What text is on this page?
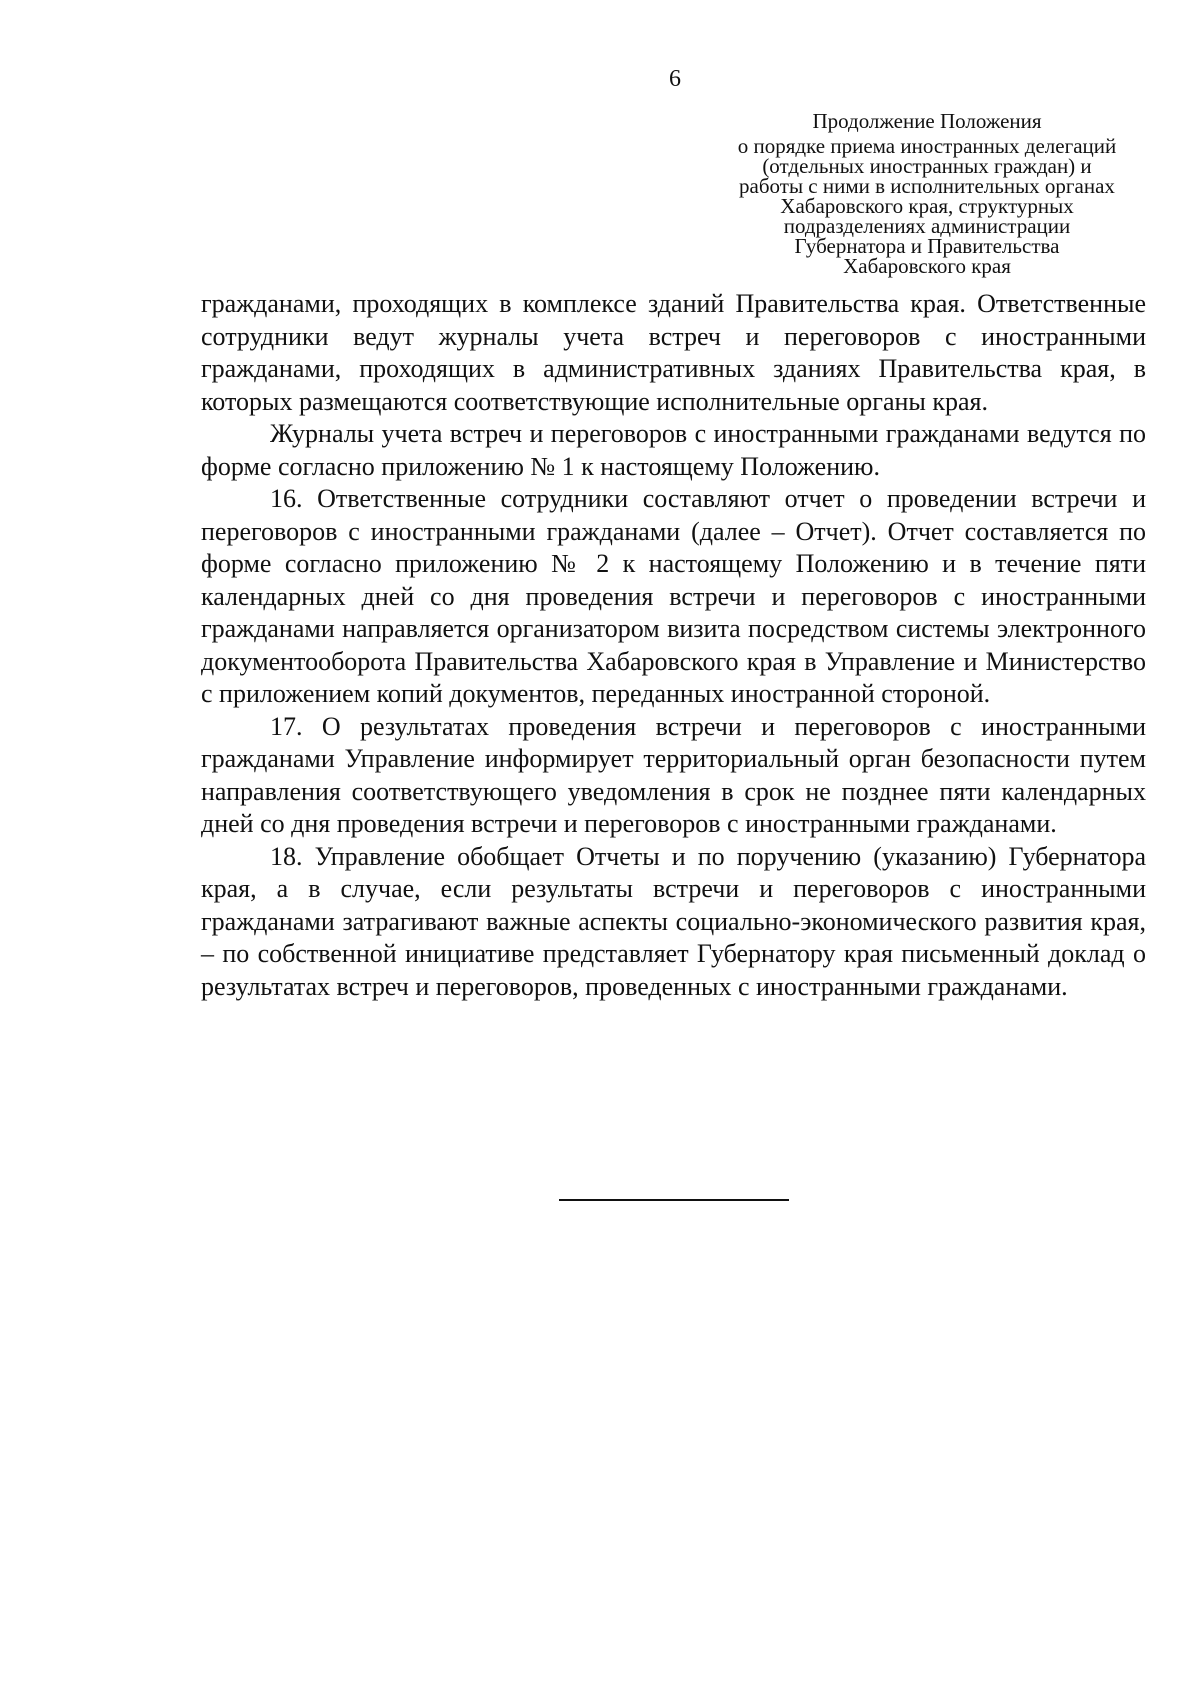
6
Продолжение Положения
о порядке приема иностранных делегаций
(отдельных иностранных граждан) и
работы с ними в исполнительных органах
Хабаровского края, структурных
подразделениях администрации
Губернатора и Правительства
Хабаровского края

гражданами, проходящих в комплексе зданий Правительства края. Ответственные сотрудники ведут журналы учета встреч и переговоров с иностранными гражданами, проходящих в административных зданиях Правительства края, в которых размещаются соответствующие исполнительные органы края.

Журналы учета встреч и переговоров с иностранными гражданами ведутся по форме согласно приложению № 1 к настоящему Положению.

16. Ответственные сотрудники составляют отчет о проведении встречи и переговоров с иностранными гражданами (далее – Отчет). Отчет составляется по форме согласно приложению № 2 к настоящему Положению и в течение пяти календарных дней со дня проведения встречи и переговоров с иностранными гражданами направляется организатором визита посредством системы электронного документооборота Правительства Хабаровского края в Управление и Министерство с приложением копий документов, переданных иностранной стороной.

17. О результатах проведения встречи и переговоров с иностранными гражданами Управление информирует территориальный орган безопасности путем направления соответствующего уведомления в срок не позднее пяти календарных дней со дня проведения встречи и переговоров с иностранными гражданами.

18. Управление обобщает Отчеты и по поручению (указанию) Губернатора края, а в случае, если результаты встречи и переговоров с иностранными гражданами затрагивают важные аспекты социально-экономического развития края, – по собственной инициативе представляет Губернатору края письменный доклад о результатах встреч и переговоров, проведенных с иностранными гражданами.
